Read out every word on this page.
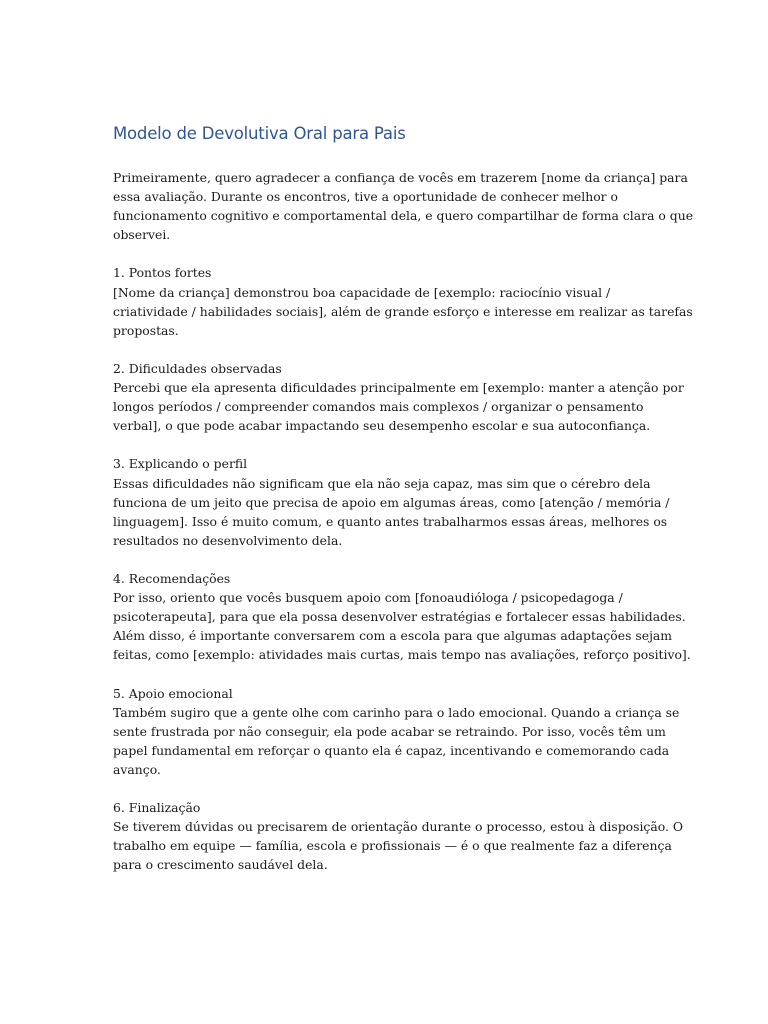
Modelo de Devolutiva Oral para Pais

Primeiramente, quero agradecer a confiança de vocês em trazerem [nome da criança] para
essa avaliação. Durante os encontros, tive a oportunidade de conhecer melhor o
funcionamento cognitivo e comportamental dela, e quero compartilhar de forma clara o que
observei.

1. Pontos fortes
[Nome da criança] demonstrou boa capacidade de [exemplo: raciocínio visual /
criatividade / habilidades sociais], além de grande esforço e interesse em realizar as tarefas
propostas.

2. Dificuldades observadas
Percebi que ela apresenta dificuldades principalmente em [exemplo: manter a atenção por
longos períodos / compreender comandos mais complexos / organizar o pensamento
verbal], o que pode acabar impactando seu desempenho escolar e sua autoconfiança.

3. Explicando o perfil
Essas dificuldades não significam que ela não seja capaz, mas sim que o cérebro dela
funciona de um jeito que precisa de apoio em algumas áreas, como [atenção / memória /
linguagem]. Isso é muito comum, e quanto antes trabalharmos essas áreas, melhores os
resultados no desenvolvimento dela.

4. Recomendações
Por isso, oriento que vocês busquem apoio com [fonoaudióloga / psicopedagoga /
psicoterapeuta], para que ela possa desenvolver estratégias e fortalecer essas habilidades.
Além disso, é importante conversarem com a escola para que algumas adaptações sejam
feitas, como [exemplo: atividades mais curtas, mais tempo nas avaliações, reforço positivo].

5. Apoio emocional
Também sugiro que a gente olhe com carinho para o lado emocional. Quando a criança se
sente frustrada por não conseguir, ela pode acabar se retraindo. Por isso, vocês têm um
papel fundamental em reforçar o quanto ela é capaz, incentivando e comemorando cada
avanço.

6. Finalização
Se tiverem dúvidas ou precisarem de orientação durante o processo, estou à disposição. O
trabalho em equipe — família, escola e profissionais — é o que realmente faz a diferença
para o crescimento saudável dela.
